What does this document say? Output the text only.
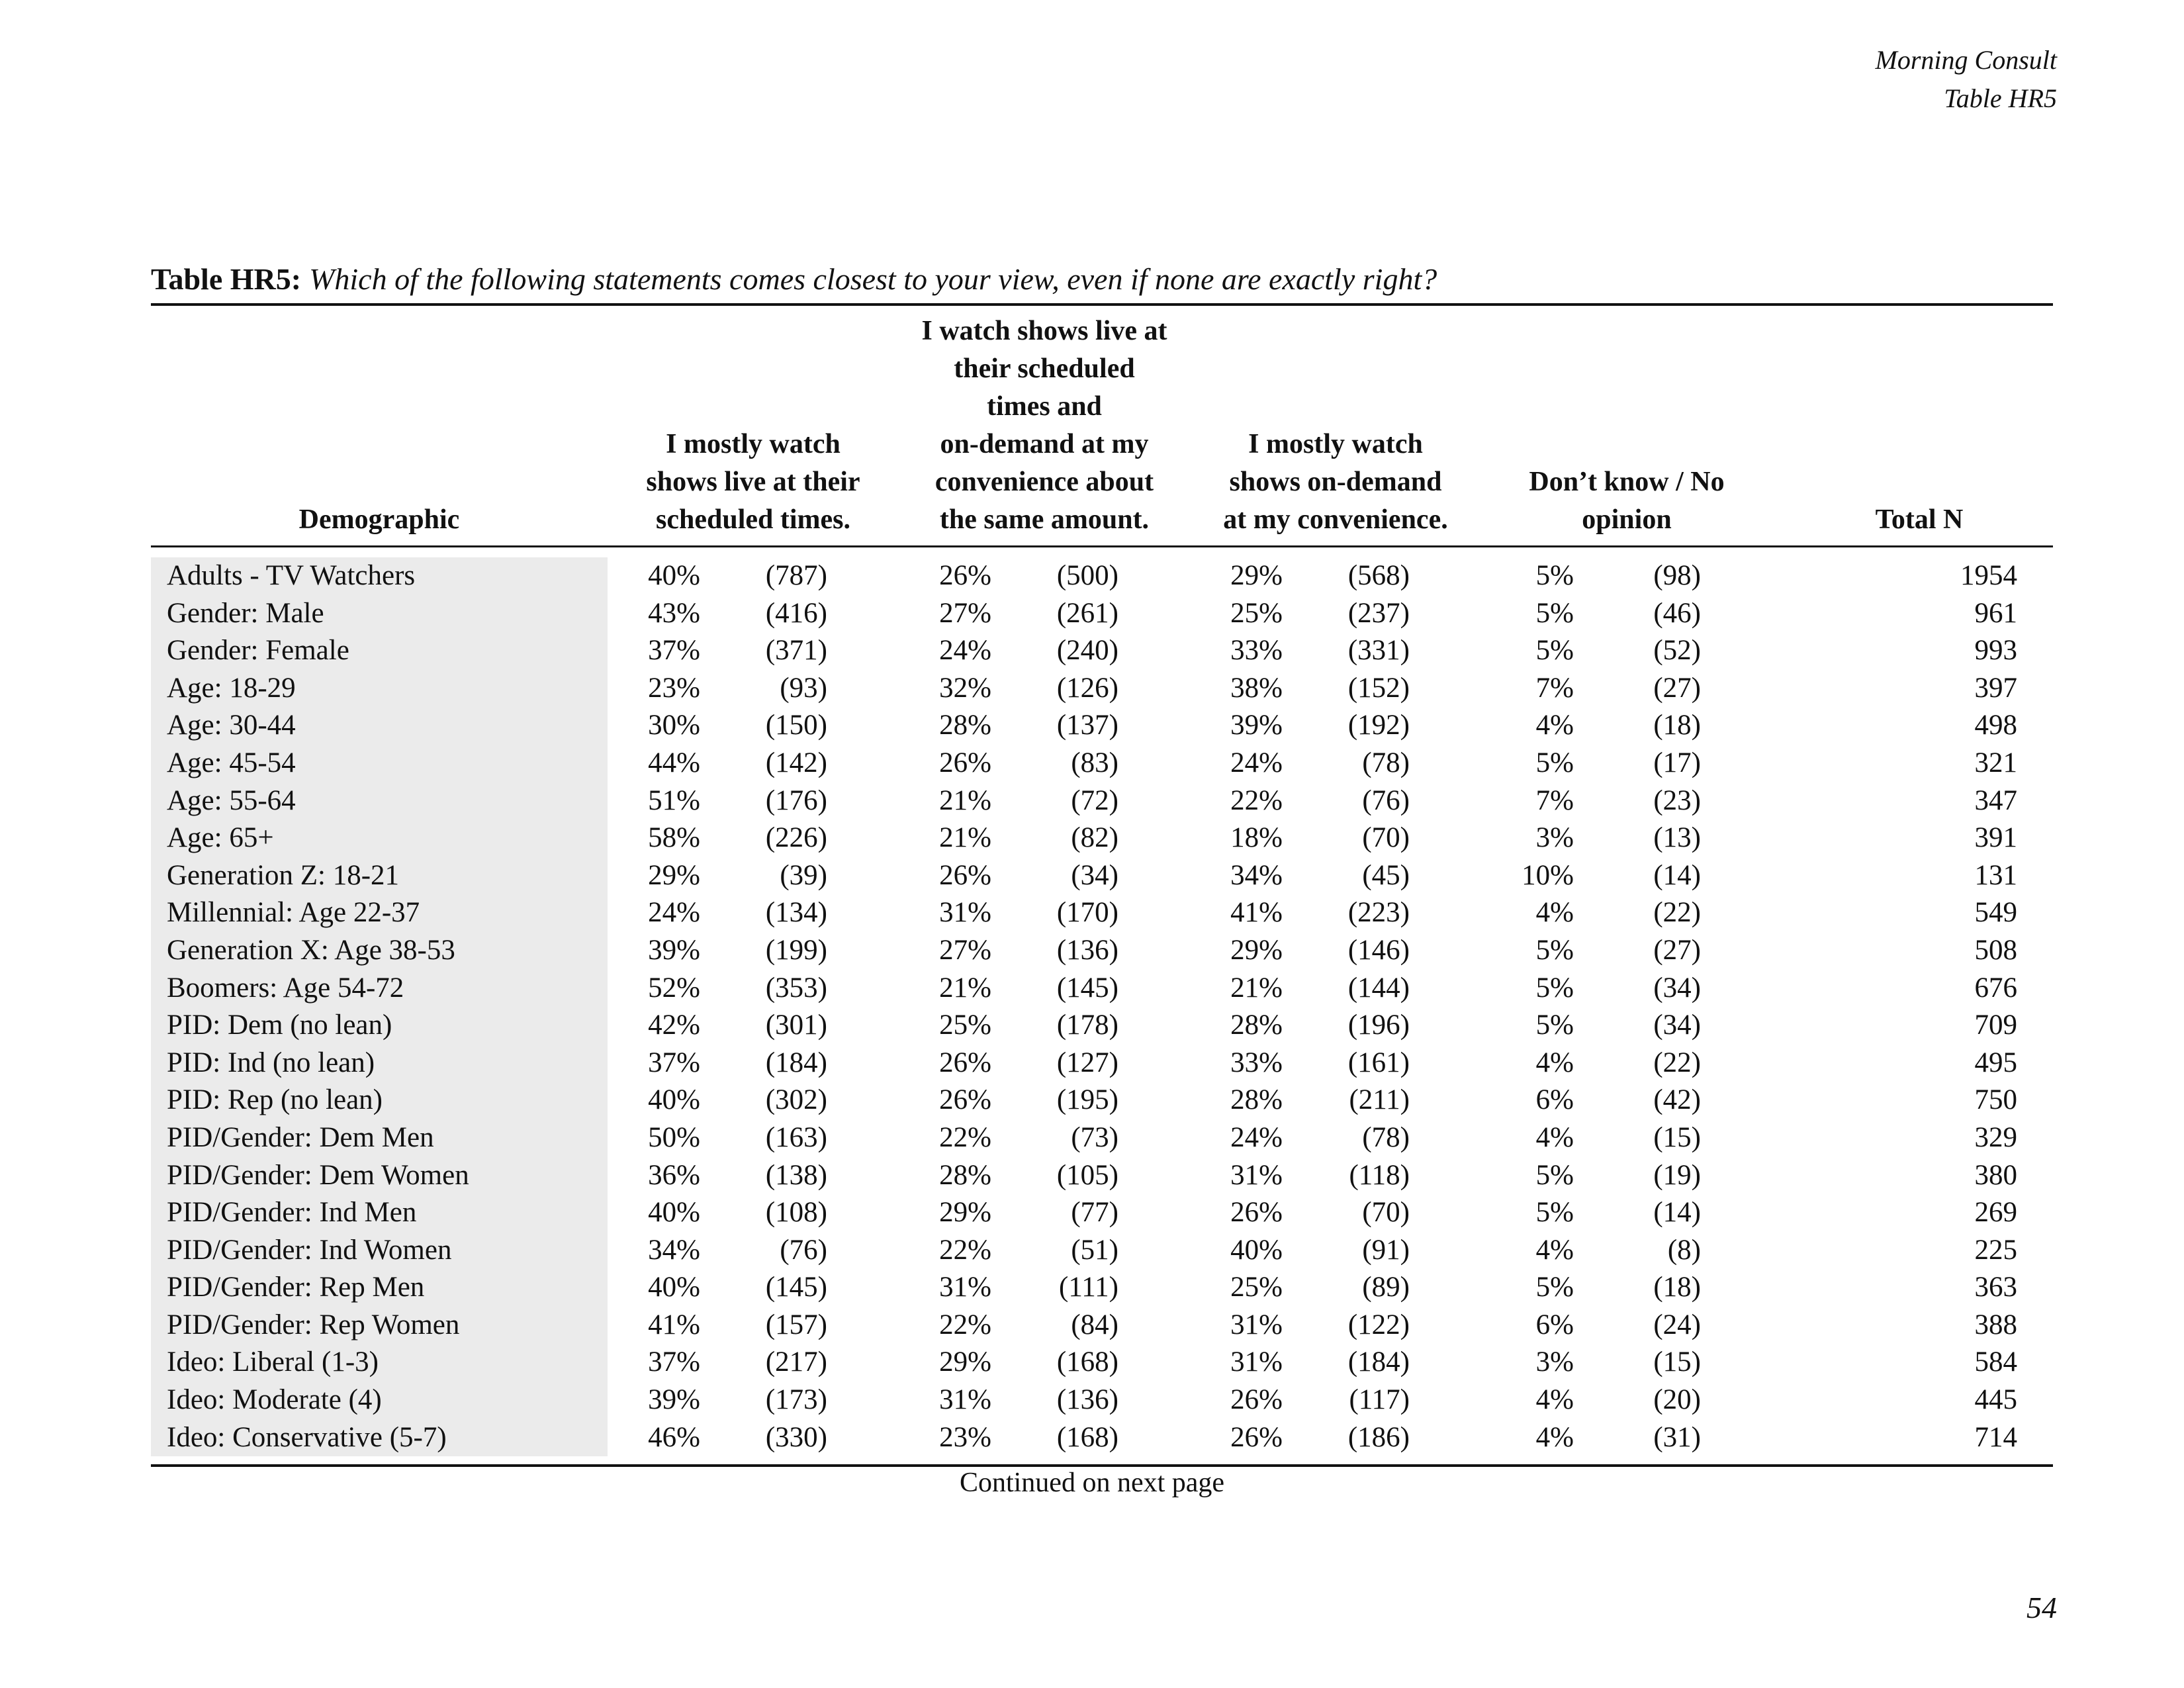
Morning Consult
Table HR5
Table HR5: Which of the following statements comes closest to your view, even if none are exactly right?
Demographic
I mostly watch
shows live at their
scheduled times.
I watch shows live at
their scheduled
times and
on-demand at my
convenience about
the same amount.
I mostly watch
shows on-demand
at my convenience.
Don’t know / No
opinion	Total N
Adults - TV Watchers	40% (787)	26% (500)	29% (568)	5%	(98)	1954
Gender: Male	43% (416)	27% (261)	25% (237)	5%	(46)	961
Gender: Female	37% (371)	24% (240)	33% (331)	5%	(52)	993
Age: 18-29	23%	(93)	32% (126)	38% (152)	7%	(27)	397
Age: 30-44	30% (150)	28% (137)	39% (192)	4%	(18)	498
Age: 45-54	44% (142)	26%	(83)	24%	(78)	5%	(17)	321
Age: 55-64	51% (176)	21%	(72)	22%	(76)	7%	(23)	347
Age: 65+	58% (226)	21%	(82)	18%	(70)	3%	(13)	391
Generation Z: 18-21	29%	(39)	26%	(34)	34%	(45)	10%	(14)	131
Millennial: Age 22-37	24% (134)	31% (170)	41% (223)	4%	(22)	549
Generation X: Age 38-53	39% (199)	27% (136)	29% (146)	5%	(27)	508
Boomers: Age 54-72	52% (353)	21% (145)	21% (144)	5%	(34)	676
PID: Dem (no lean)	42% (301)	25% (178)	28% (196)	5%	(34)	709
PID: Ind (no lean)	37% (184)	26% (127)	33% (161)	4%	(22)	495
PID: Rep (no lean)	40% (302)	26% (195)	28% (211)	6%	(42)	750
PID/Gender: Dem Men	50% (163)	22%	(73)	24%	(78)	4%	(15)	329
PID/Gender: Dem Women	36% (138)	28% (105)	31% (118)	5%	(19)	380
PID/Gender: Ind Men	40% (108)	29%	(77)	26%	(70)	5%	(14)	269
PID/Gender: Ind Women	34%	(76)	22%	(51)	40%	(91)	4%	(8)	225
PID/Gender: Rep Men	40% (145)	31% (111)	25%	(89)	5%	(18)	363
PID/Gender: Rep Women	41% (157)	22%	(84)	31% (122)	6%	(24)	388
Ideo: Liberal (1-3)	37% (217)	29% (168)	31% (184)	3%	(15)	584
Ideo: Moderate (4)	39% (173)	31% (136)	26% (117)	4%	(20)	445
Ideo: Conservative (5-7)	46% (330)	23% (168)	26% (186)	4%	(31)	714
Continued on next page
54
